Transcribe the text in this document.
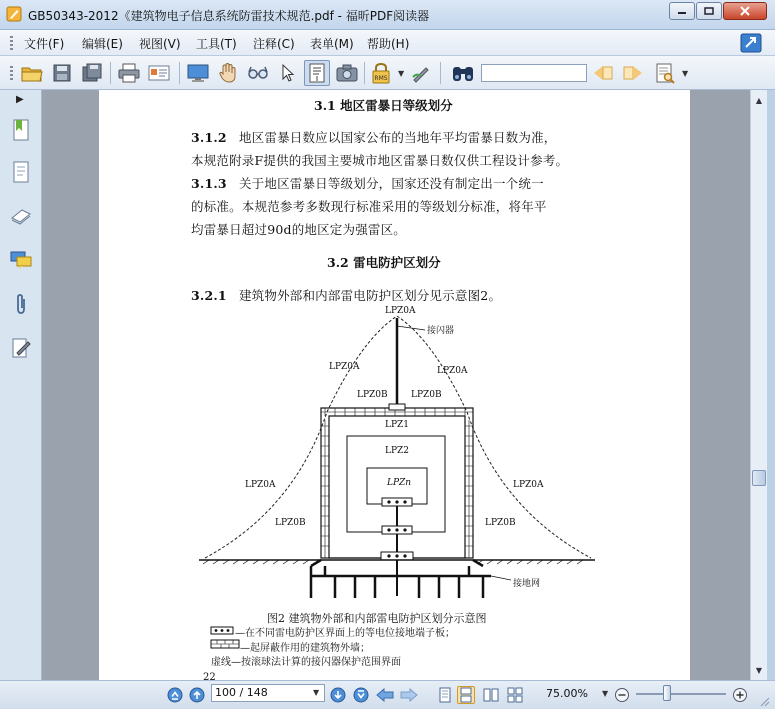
GB50343-2012《建筑物电子信息系统防雷技术规范.pdf - 福昕PDF阅读器
文件(F) 编辑(E) 视图(V) 工具(T) 注释(C) 表单(M) 帮助(H)
RMS
▼	▼
▶	3.1 地区雷暴日等级划分
3.1.2 地区雷暴日数应以国家公布的当地年平均雷暴日数为准，
本规范附录F提供的我国主要城市地区雷暴日数仅供工程设计参考。
3.1.3 关于地区雷暴日等级划分，国家还没有制定出一个统一
的标准。本规范参考多数现行标准采用的等级划分标准，将年平
均雷暴日超过90d的地区定为强雷区。
3.2 雷电防护区划分
3.2.1 建筑物外部和内部雷电防护区划分见示意图2。
LPZ0A
接闪器
LPZ0A	LPZ0A
LPZ0B	LPZ0B
LPZ1
LPZ2
LPZn
LPZ0A	LPZ0A
LPZ0B	LPZ0B
接地网
图2 建筑物外部和内部雷电防护区划分示意图
—在不同雷电防护区界面上的等电位接地端子板；
—起屏蔽作用的建筑物外墙；
虚线—按滚球法计算的接闪器保护范围界面
22
▲
▼
100 / 148	▼	75.00% ▼
